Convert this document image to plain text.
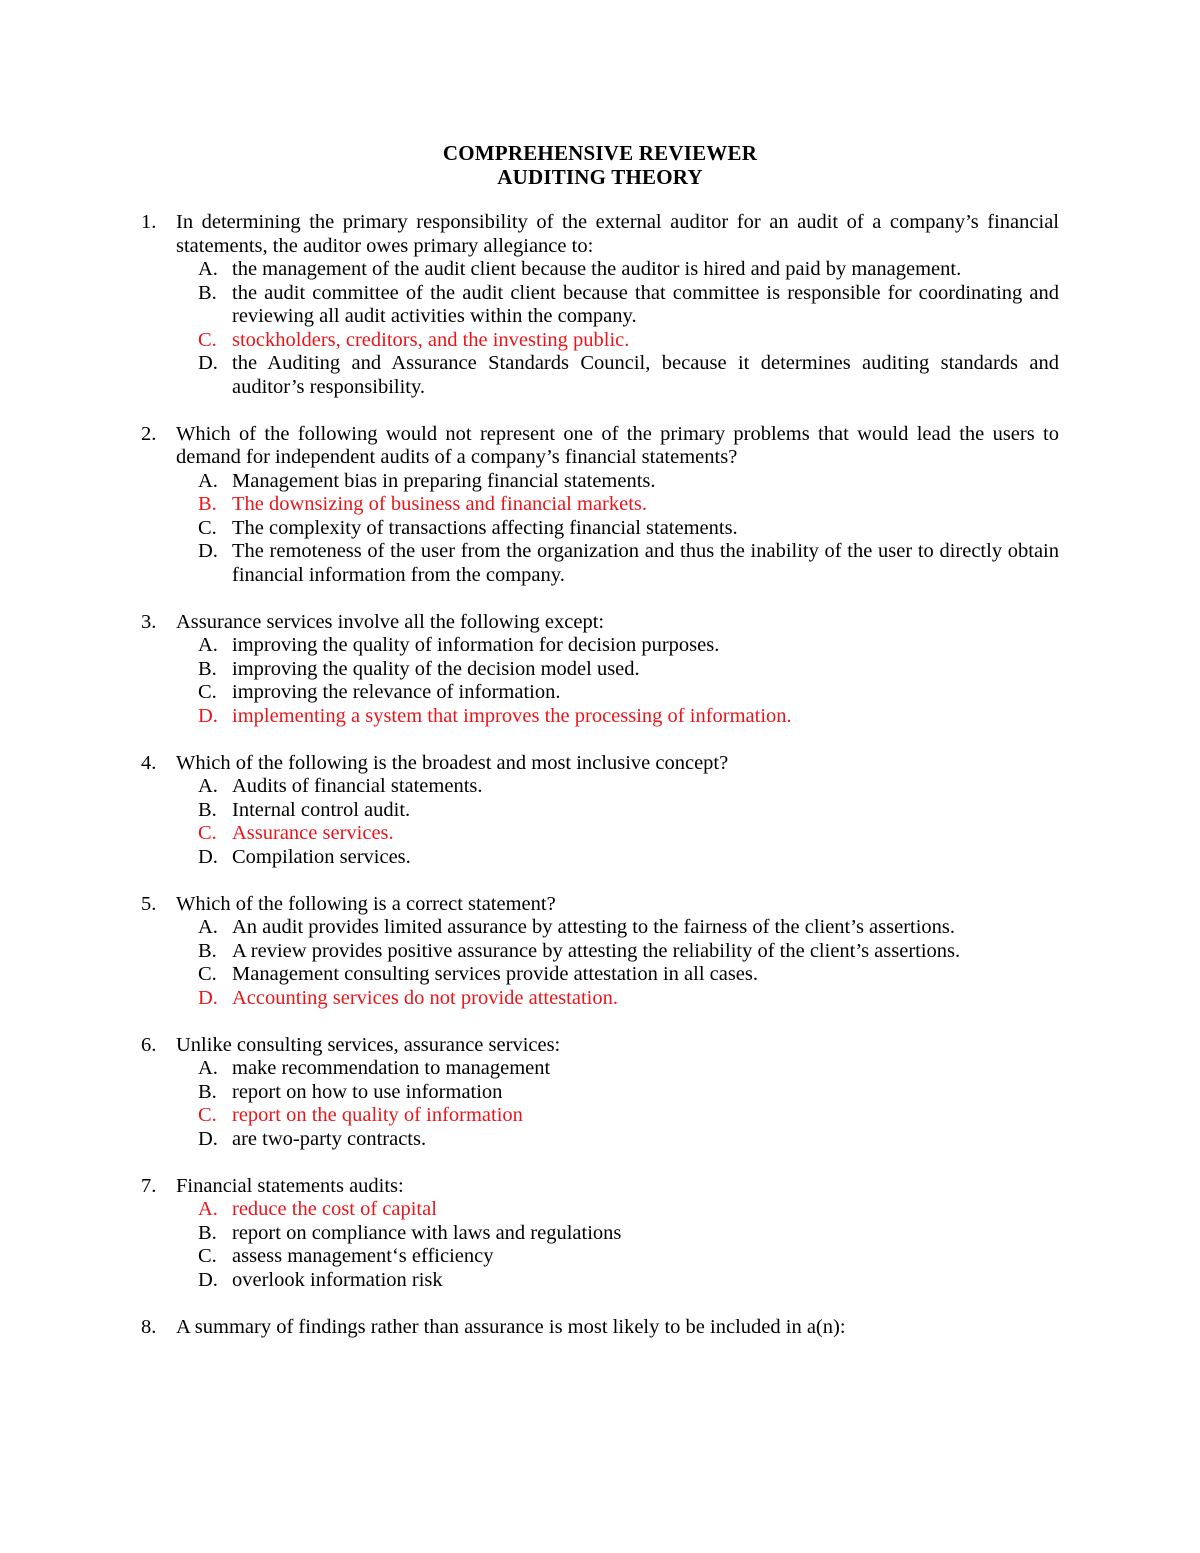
COMPREHENSIVE REVIEWER
AUDITING THEORY
1. In determining the primary responsibility of the external auditor for an audit of a company’s financial statements, the auditor owes primary allegiance to:
A. the management of the audit client because the auditor is hired and paid by management.
B. the audit committee of the audit client because that committee is responsible for coordinating and reviewing all audit activities within the company.
C. stockholders, creditors, and the investing public.
D. the Auditing and Assurance Standards Council, because it determines auditing standards and auditor’s responsibility.
2. Which of the following would not represent one of the primary problems that would lead the users to demand for independent audits of a company’s financial statements?
A. Management bias in preparing financial statements.
B. The downsizing of business and financial markets.
C. The complexity of transactions affecting financial statements.
D. The remoteness of the user from the organization and thus the inability of the user to directly obtain financial information from the company.
3. Assurance services involve all the following except:
A. improving the quality of information for decision purposes.
B. improving the quality of the decision model used.
C. improving the relevance of information.
D. implementing a system that improves the processing of information.
4. Which of the following is the broadest and most inclusive concept?
A. Audits of financial statements.
B. Internal control audit.
C. Assurance services.
D. Compilation services.
5. Which of the following is a correct statement?
A. An audit provides limited assurance by attesting to the fairness of the client’s assertions.
B. A review provides positive assurance by attesting the reliability of the client’s assertions.
C. Management consulting services provide attestation in all cases.
D. Accounting services do not provide attestation.
6. Unlike consulting services, assurance services:
A. make recommendation to management
B. report on how to use information
C. report on the quality of information
D. are two-party contracts.
7. Financial statements audits:
A. reduce the cost of capital
B. report on compliance with laws and regulations
C. assess management‘s efficiency
D. overlook information risk
8. A summary of findings rather than assurance is most likely to be included in a(n):
